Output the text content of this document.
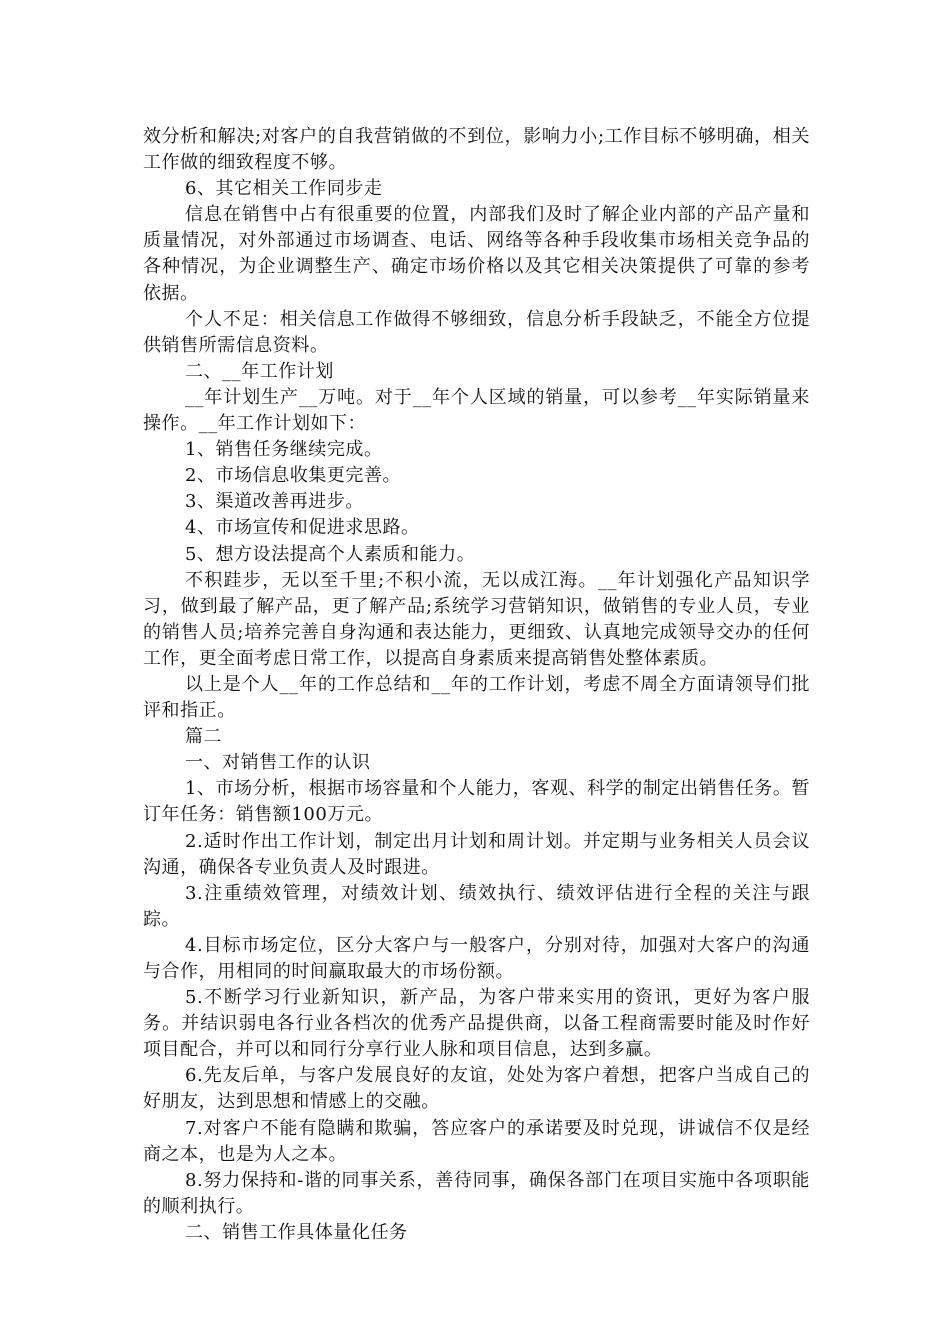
效分析和解决;对客户的自我营销做的不到位，影响力小;工作目标不够明确，相关工作做的细致程度不够。

6、其它相关工作同步走

信息在销售中占有很重要的位置，内部我们及时了解企业内部的产品产量和质量情况，对外部通过市场调查、电话、网络等各种手段收集市场相关竞争品的各种情况，为企业调整生产、确定市场价格以及其它相关决策提供了可靠的参考依据。

个人不足：相关信息工作做得不够细致，信息分析手段缺乏，不能全方位提供销售所需信息资料。

二、__年工作计划

__年计划生产__万吨。对于__年个人区域的销量，可以参考__年实际销量来操作。__年工作计划如下：

1、销售任务继续完成。

2、市场信息收集更完善。

3、渠道改善再进步。

4、市场宣传和促进求思路。

5、想方设法提高个人素质和能力。

不积跬步，无以至千里;不积小流，无以成江海。__年计划强化产品知识学习，做到最了解产品，更了解产品;系统学习营销知识，做销售的专业人员，专业的销售人员;培养完善自身沟通和表达能力，更细致、认真地完成领导交办的任何工作，更全面考虑日常工作，以提高自身素质来提高销售处整体素质。

以上是个人__年的工作总结和__年的工作计划，考虑不周全方面请领导们批评和指正。

篇二

一、对销售工作的认识

1、市场分析，根据市场容量和个人能力，客观、科学的制定出销售任务。暂订年任务：销售额100万元。

2.适时作出工作计划，制定出月计划和周计划。并定期与业务相关人员会议沟通，确保各专业负责人及时跟进。

3.注重绩效管理，对绩效计划、绩效执行、绩效评估进行全程的关注与跟踪。

4.目标市场定位，区分大客户与一般客户，分别对待，加强对大客户的沟通与合作，用相同的时间赢取最大的市场份额。

5.不断学习行业新知识，新产品，为客户带来实用的资讯，更好为客户服务。并结识弱电各行业各档次的优秀产品提供商，以备工程商需要时能及时作好项目配合，并可以和同行分享行业人脉和项目信息，达到多赢。

6.先友后单，与客户发展良好的友谊，处处为客户着想，把客户当成自己的好朋友，达到思想和情感上的交融。

7.对客户不能有隐瞒和欺骗，答应客户的承诺要及时兑现，讲诚信不仅是经商之本，也是为人之本。

8.努力保持和-谐的同事关系，善待同事，确保各部门在项目实施中各项职能的顺利执行。

二、销售工作具体量化任务
